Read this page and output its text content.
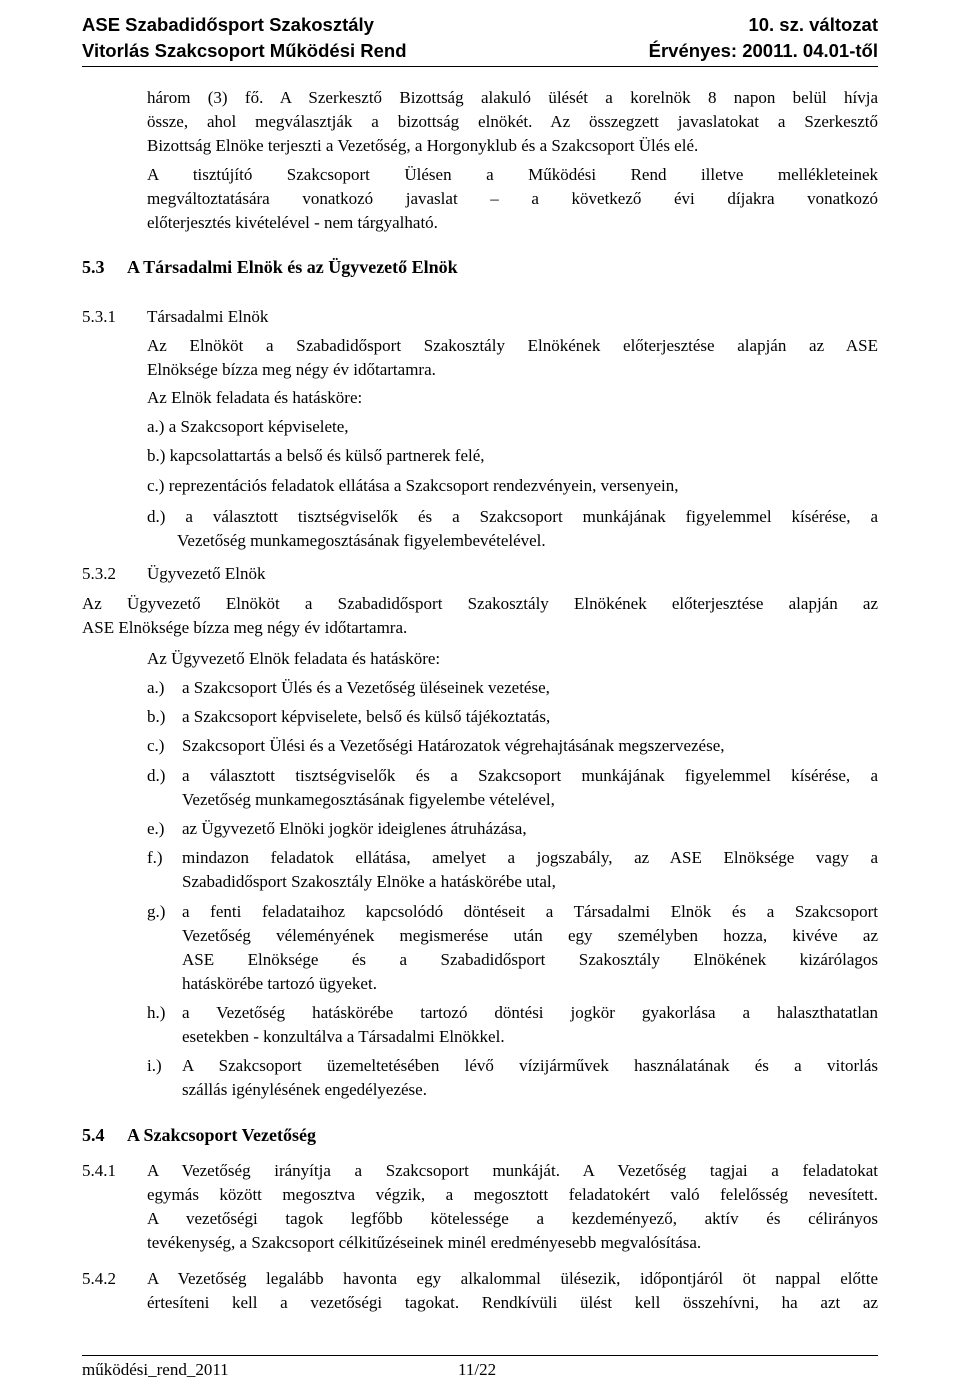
ASE Szabadidősport Szakosztály
Vitorlás Szakcsoport Működési Rend
10. sz. változat
Érvényes: 20011. 04.01-től
három (3) fő. A Szerkesztő Bizottság alakuló ülését a korelnök 8 napon belül hívja
össze, ahol megválasztják a bizottság elnökét. Az összegzett javaslatokat a Szerkesztő
Bizottság Elnöke terjeszti a Vezetőség, a Horgonyklub és a Szakcsoport Ülés elé.
A tisztújító Szakcsoport Ülésen a Működési Rend illetve mellékleteinek
megváltoztatására vonatkozó javaslat – a következő évi díjakra vonatkozó
előterjesztés kivételével - nem tárgyalható.
5.3 A Társadalmi Elnök és az Ügyvezető Elnök
5.3.1 Társadalmi Elnök
Az Elnököt a Szabadidősport Szakosztály Elnökének előterjesztése alapján az ASE
Elnöksége bízza meg négy év időtartamra.
Az Elnök feladata és hatásköre:
a.) a Szakcsoport képviselete,
b.) kapcsolattartás a belső és külső partnerek felé,
c.) reprezentációs feladatok ellátása a Szakcsoport rendezvényein, versenyein,
d.) a választott tisztségviselők és a Szakcsoport munkájának figyelemmel kísérése, a
Vezetőség munkamegosztásának figyelembevételével.
5.3.2 Ügyvezető Elnök
Az Ügyvezető Elnököt a Szabadidősport Szakosztály Elnökének előterjesztése alapján az
ASE Elnöksége bízza meg négy év időtartamra.
Az Ügyvezető Elnök feladata és hatásköre:
a.) a Szakcsoport Ülés és a Vezetőség üléseinek vezetése,
b.) a Szakcsoport képviselete, belső és külső tájékoztatás,
c.) Szakcsoport Ülési és a Vezetőségi Határozatok végrehajtásának megszervezése,
d.) a választott tisztségviselők és a Szakcsoport munkájának figyelemmel kísérése, a
Vezetőség munkamegosztásának figyelembe vételével,
e.) az Ügyvezető Elnöki jogkör ideiglenes átruházása,
f.) mindazon feladatok ellátása, amelyet a jogszabály, az ASE Elnöksége vagy a
Szabadidősport Szakosztály Elnöke a hatáskörébe utal,
g.) a fenti feladataihoz kapcsolódó döntéseit a Társadalmi Elnök és a Szakcsoport
Vezetőség véleményének megismerése után egy személyben hozza, kivéve az
ASE Elnöksége és a Szabadidősport Szakosztály Elnökének kizárólagos
hatáskörébe tartozó ügyeket.
h.) a Vezetőség hatáskörébe tartozó döntési jogkör gyakorlása a halaszthatatlan
esetekben - konzultálva a Társadalmi Elnökkel.
i.) A Szakcsoport üzemeltetésében lévő vízijárművek használatának és a vitorlás
szállás igénylésének engedélyezése.
5.4 A Szakcsoport Vezetőség
5.4.1 A Vezetőség irányítja a Szakcsoport munkáját. A Vezetőség tagjai a feladatokat
egymás között megosztva végzik, a megosztott feladatokért való felelősség nevesített.
A vezetőségi tagok legfőbb kötelessége a kezdeményező, aktív és célirányos
tevékenység, a Szakcsoport célkitűzéseinek minél eredményesebb megvalósítása.
5.4.2 A Vezetőség legalább havonta egy alkalommal ülésezik, időpontjáról öt nappal előtte
értesíteni kell a vezetőségi tagokat. Rendkívüli ülést kell összehívni, ha azt az
működési_rend_2011	11/22
